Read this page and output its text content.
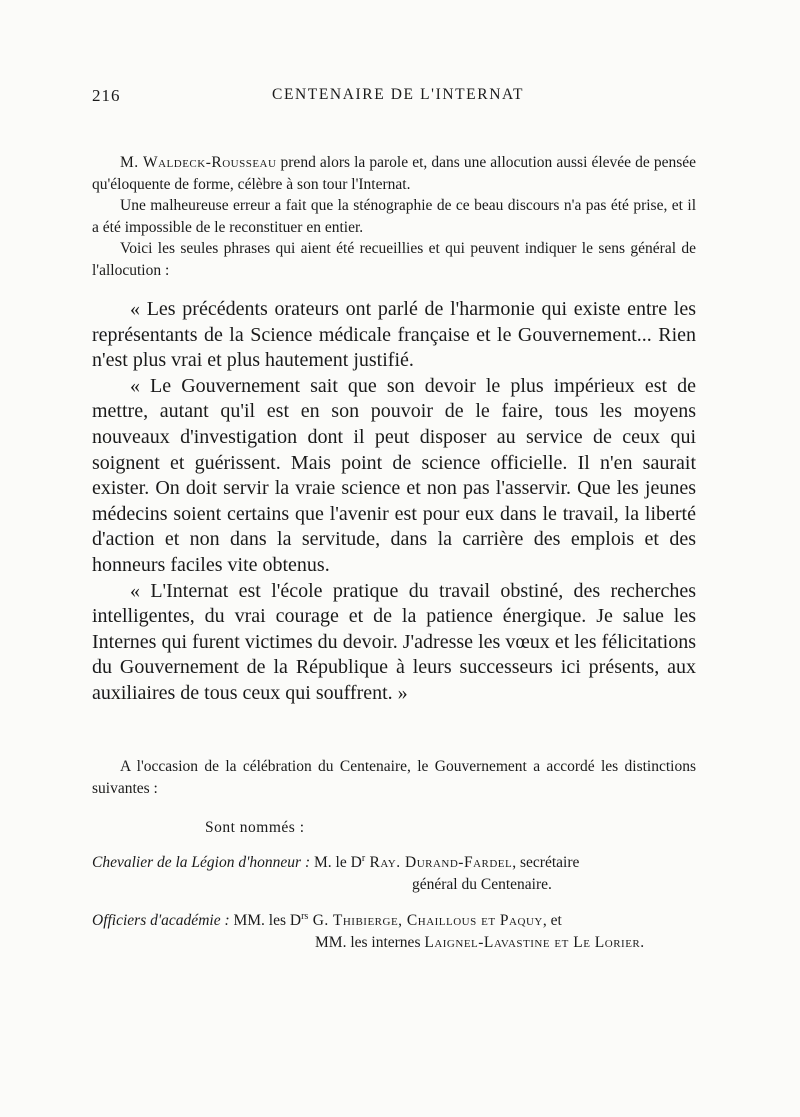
216	CENTENAIRE DE L'INTERNAT

M. Waldeck-Rousseau prend alors la parole et, dans une allocution aussi élevée de pensée qu'éloquente de forme, célèbre à son tour l'Internat.

Une malheureuse erreur a fait que la sténographie de ce beau discours n'a pas été prise, et il a été impossible de le reconstituer en entier.

Voici les seules phrases qui aient été recueillies et qui peuvent indiquer le sens général de l'allocution :

« Les précédents orateurs ont parlé de l'harmonie qui existe entre les représentants de la Science médicale française et le Gouvernement... Rien n'est plus vrai et plus hautement justifié.

« Le Gouvernement sait que son devoir le plus impérieux est de mettre, autant qu'il est en son pouvoir de le faire, tous les moyens nouveaux d'investigation dont il peut disposer au service de ceux qui soignent et guérissent. Mais point de science officielle. Il n'en saurait exister. On doit servir la vraie science et non pas l'asservir. Que les jeunes médecins soient certains que l'avenir est pour eux dans le travail, la liberté d'action et non dans la servitude, dans la carrière des emplois et des honneurs faciles vite obtenus.

« L'Internat est l'école pratique du travail obstiné, des recherches intelligentes, du vrai courage et de la patience énergique. Je salue les Internes qui furent victimes du devoir. J'adresse les vœux et les félicitations du Gouvernement de la République à leurs successeurs ici présents, aux auxiliaires de tous ceux qui souffrent. »

A l'occasion de la célébration du Centenaire, le Gouvernement a accordé les distinctions suivantes :

Sont nommés :
Chevalier de la Légion d'honneur : M. le $D^r$ Ray. Durand-Fardel, secrétaire
général du Centenaire.
Officiers d'académie : MM. les $D^{rs}$ G. Thibierge, Chaillous et Paquy, et
MM. les internes Laignel-Lavastine et Le Lorier.
